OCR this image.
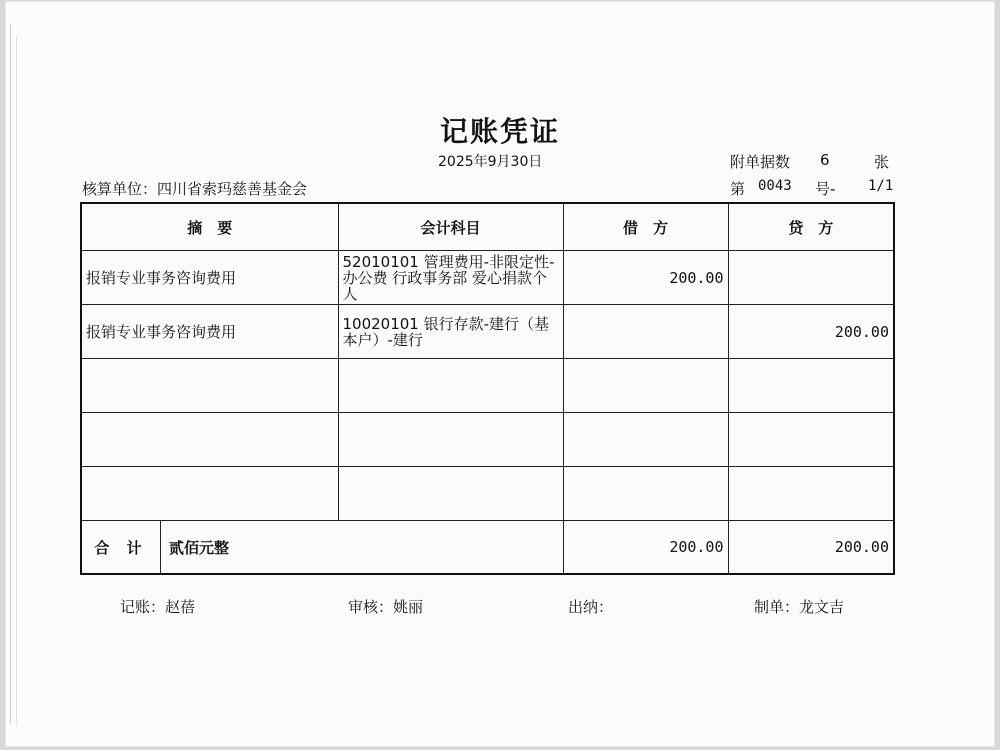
记账凭证
2025年9月30日
核算单位：四川省索玛慈善基金会
附单据数 6	张
第 0043 号- 1/1
摘　要	会计科目	借　方	贷　方
报销专业事务咨询费用	52010101 管理费用-非限定性-办公费 行政事务部 爱心捐款个人	200.00	
报销专业事务咨询费用	10020101 银行存款-建行（基本户）-建行		200.00

合 计 贰佰元整		200.00	200.00
记账：赵蓓	审核：姚丽	出纳：	制单：龙文吉
